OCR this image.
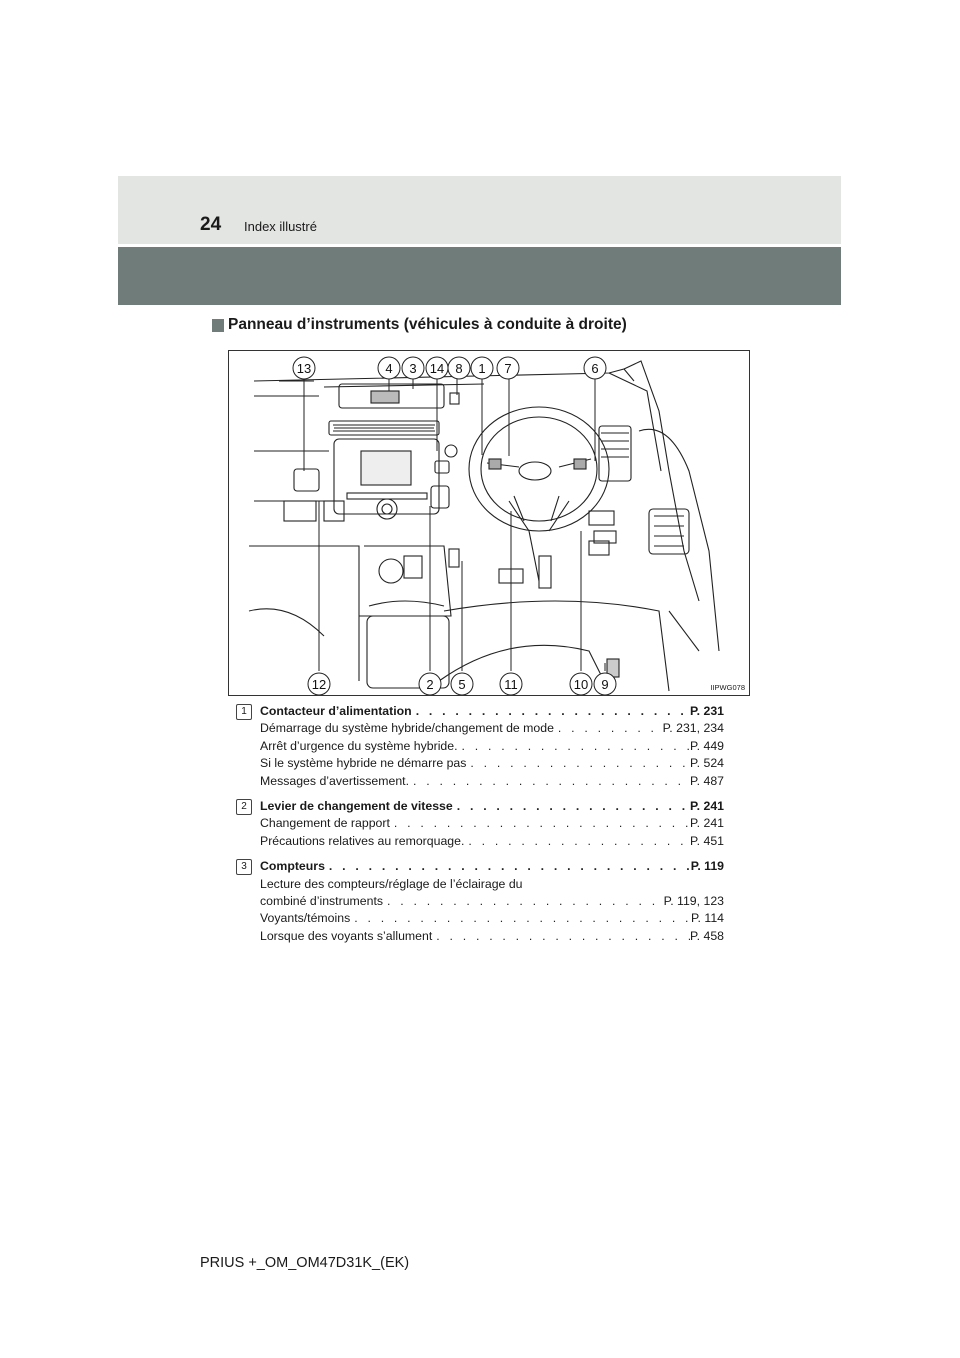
24 Index illustré
Panneau d’instruments (véhicules à conduite à droite)
13	4 3 14 8 1 7	6
12	2 5	11	10 9	IIPWG078
1	Contacteur d’alimentation . . .	P. 231
Démarrage du système hybride/changement de mode . . .	P. 231, 234
Arrêt d’urgence du système hybride. . . .	P. 449
Si le système hybride ne démarre pas . . .	P. 524
Messages d’avertissement. . . .	P. 487
2	Levier de changement de vitesse . . .	P. 241
Changement de rapport . . .	P. 241
Précautions relatives au remorquage. . . .	P. 451
3	Compteurs . . .	P. 119
Lecture des compteurs/réglage de l’éclairage du
combiné d’instruments . . .	P. 119, 123
Voyants/témoins . . .	P. 114
Lorsque des voyants s’allument . . .	P. 458
PRIUS +_OM_OM47D31K_(EK)
